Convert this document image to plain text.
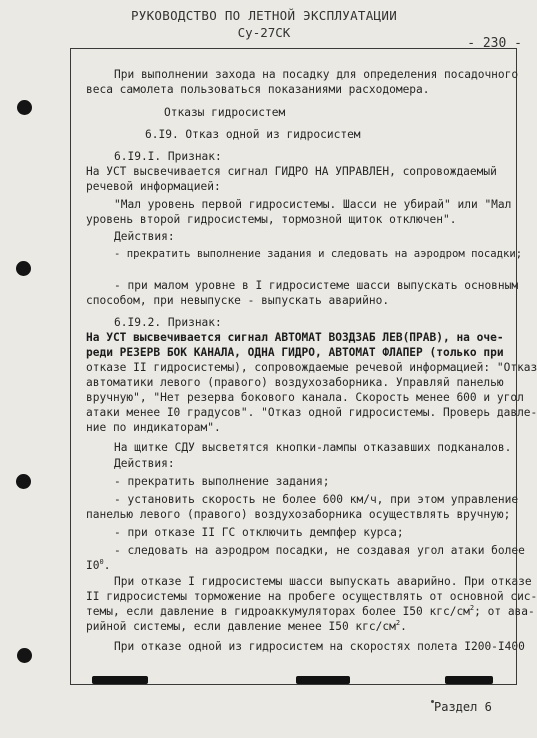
РУКОВОДСТВО ПО ЛЕТНОЙ ЭКСПЛУАТАЦИИ
Су-27СК
- 230 -
При выполнении захода на посадку для определения посадочного
веса самолета пользоваться показаниями расходомера.
Отказы гидросистем
6.I9. Отказ одной из гидросистем
6.I9.I. Признак:
На УСТ высвечивается сигнал ГИДРО НА УПРАВЛЕН, сопровождаемый
речевой информацией:
"Мал уровень первой гидросистемы. Шасси не убирай" или "Мал
уровень второй гидросистемы, тормозной щиток отключен".
Действия:
- прекратить выполнение задания и следовать на аэродром посадки;
- при малом уровне в I гидросистеме шасси выпускать основным
способом, при невыпуске - выпускать аварийно.
6.I9.2. Признак:
На УСТ высвечивается сигнал АВТОМАТ ВОЗДЗАБ ЛЕВ(ПРАВ), на оче-
реди РЕЗЕРВ БОК КАНАЛА, ОДНА ГИДРО, АВТОМАТ ФЛАПЕР (только при
отказе II гидросистемы), сопровождаемые речевой информацией: "Отказ
автоматики левого (правого) воздухозаборника. Управляй панелью
вручную", "Нет резерва бокового канала. Скорость менее 600 и угол
атаки менее I0 градусов". "Отказ одной гидросистемы. Проверь давле-
ние по индикаторам".
На щитке СДУ высветятся кнопки-лампы отказавших подканалов.
Действия:
- прекратить выполнение задания;
- установить скорость не более 600 км/ч, при этом управление
панелью левого (правого) воздухозаборника осуществлять вручную;
- при отказе II ГС отключить демпфер курса;
- следовать на аэродром посадки, не создавая угол атаки более
$I0^0$.
При отказе I гидросистемы шасси выпускать аварийно. При отказе
II гидросистемы торможение на пробеге осуществлять от основной сис-
темы, если давление в гидроаккумуляторах более I50 кгс/$см^2$; от ава-
рийной системы, если давление менее I50 кгс/$см^2$.
При отказе одной из гидросистем на скоростях полета I200-I400
Раздел 6
